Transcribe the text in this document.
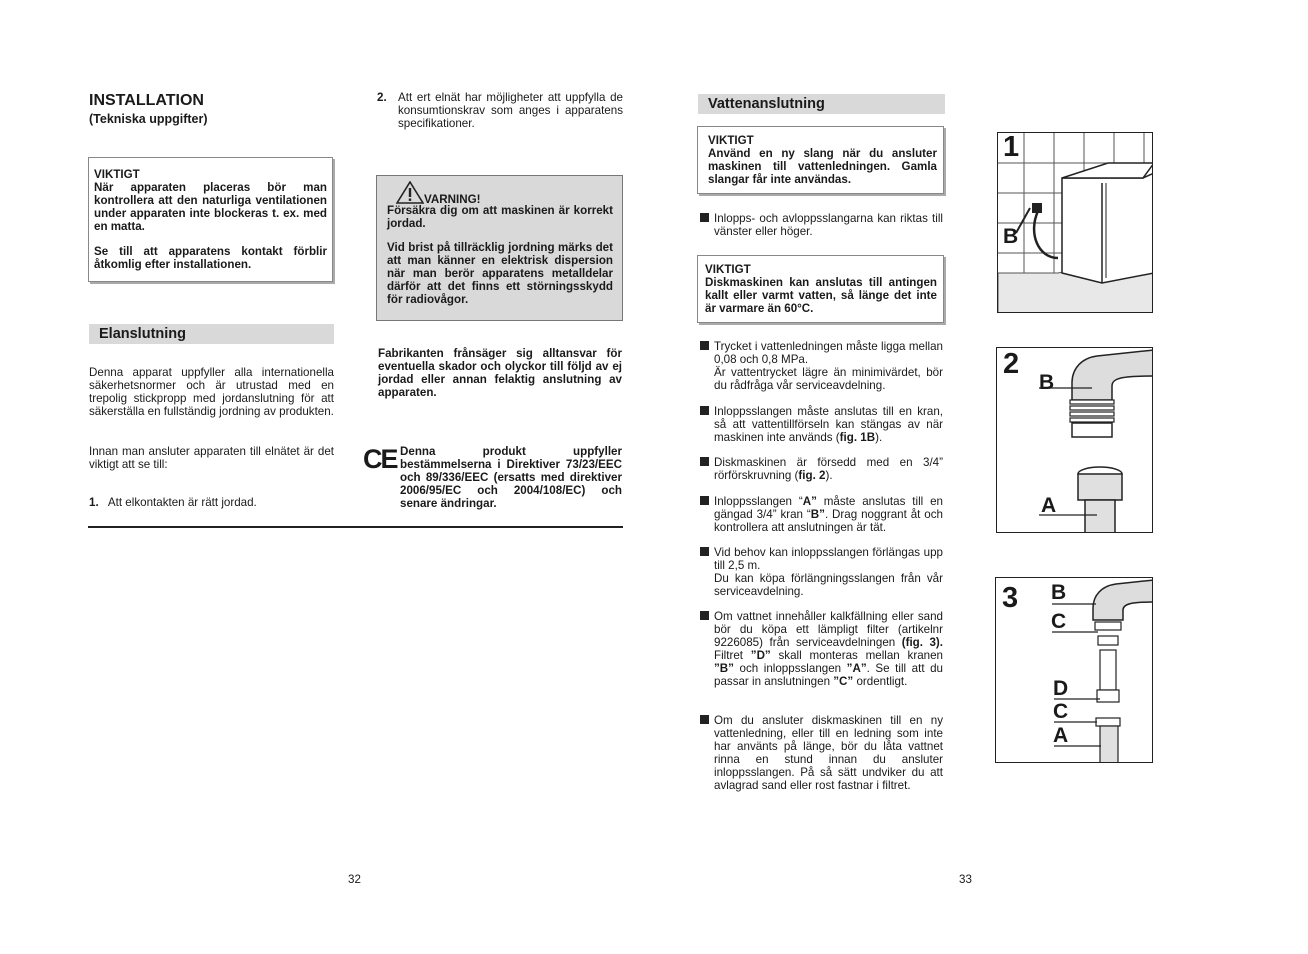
INSTALLATION
(Tekniska uppgifter)
VIKTIGT
När apparaten placeras bör man kontrollera att den naturliga ventilationen under apparaten inte blockeras t. ex. med en matta.
Se till att apparatens kontakt förblir åtkomlig efter installationen.
Elanslutning
Denna apparat uppfyller alla internationella säkerhetsnormer och är utrustad med en trepolig stickpropp med jordanslutning för att säkerställa en fullständig jordning av produkten.
Innan man ansluter apparaten till elnätet är det viktigt att se till:
1. Att elkontakten är rätt jordad.
2. Att ert elnät har möjligheter att uppfylla de konsumtionskrav som anges i apparatens specifikationer.
VARNING!
Försäkra dig om att maskinen är korrekt jordad.
Vid brist på tillräcklig jordning märks det att man känner en elektrisk dispersion när man berör apparatens metalldelar därför att det finns ett störningsskydd för radiovågor.
Fabrikanten frånsäger sig alltansvar för eventuella skador och olyckor till följd av ej jordad eller annan felaktig anslutning av apparaten.
CE Denna produkt uppfyller bestämmelserna i Direktiver 73/23/EEC och 89/336/EEC (ersatts med direktiver 2006/95/EC och 2004/108/EC) och senare ändringar.
32
Vattenanslutning
VIKTIGT
Använd en ny slang när du ansluter maskinen till vattenledningen. Gamla slangar får inte användas.
Inlopps- och avloppsslangarna kan riktas till vänster eller höger.
VIKTIGT
Diskmaskinen kan anslutas till antingen kallt eller varmt vatten, så länge det inte är varmare än 60°C.
Trycket i vattenledningen måste ligga mellan 0,08 och 0,8 MPa.
Är vattentrycket lägre än minimivärdet, bör du rådfråga vår serviceavdelning.
Inloppsslangen måste anslutas till en kran, så att vattentillförseln kan stängas av när maskinen inte används (fig. 1B).
Diskmaskinen är försedd med en 3/4” rörförskruvning (fig. 2).
Inloppsslangen “A” måste anslutas till en gängad 3/4” kran “B”. Drag noggrant åt och kontrollera att anslutningen är tät.
Vid behov kan inloppsslangen förlängas upp till 2,5 m.
Du kan köpa förlängningsslangen från vår serviceavdelning.
Om vattnet innehåller kalkfällning eller sand bör du köpa ett lämpligt filter (artikelnr 9226085) från serviceavdelningen (fig. 3). Filtret ”D” skall monteras mellan kranen ”B” och inloppsslangen ”A”. Se till att du passar in anslutningen ”C” ordentligt.
Om du ansluter diskmaskinen till en ny vattenledning, eller till en ledning som inte har använts på länge, bör du låta vattnet rinna en stund innan du ansluter inloppsslangen. På så sätt undviker du att avlagrad sand eller rost fastnar i filtret.
33
1
B
2
B
A
3 B
C
D
C
A
